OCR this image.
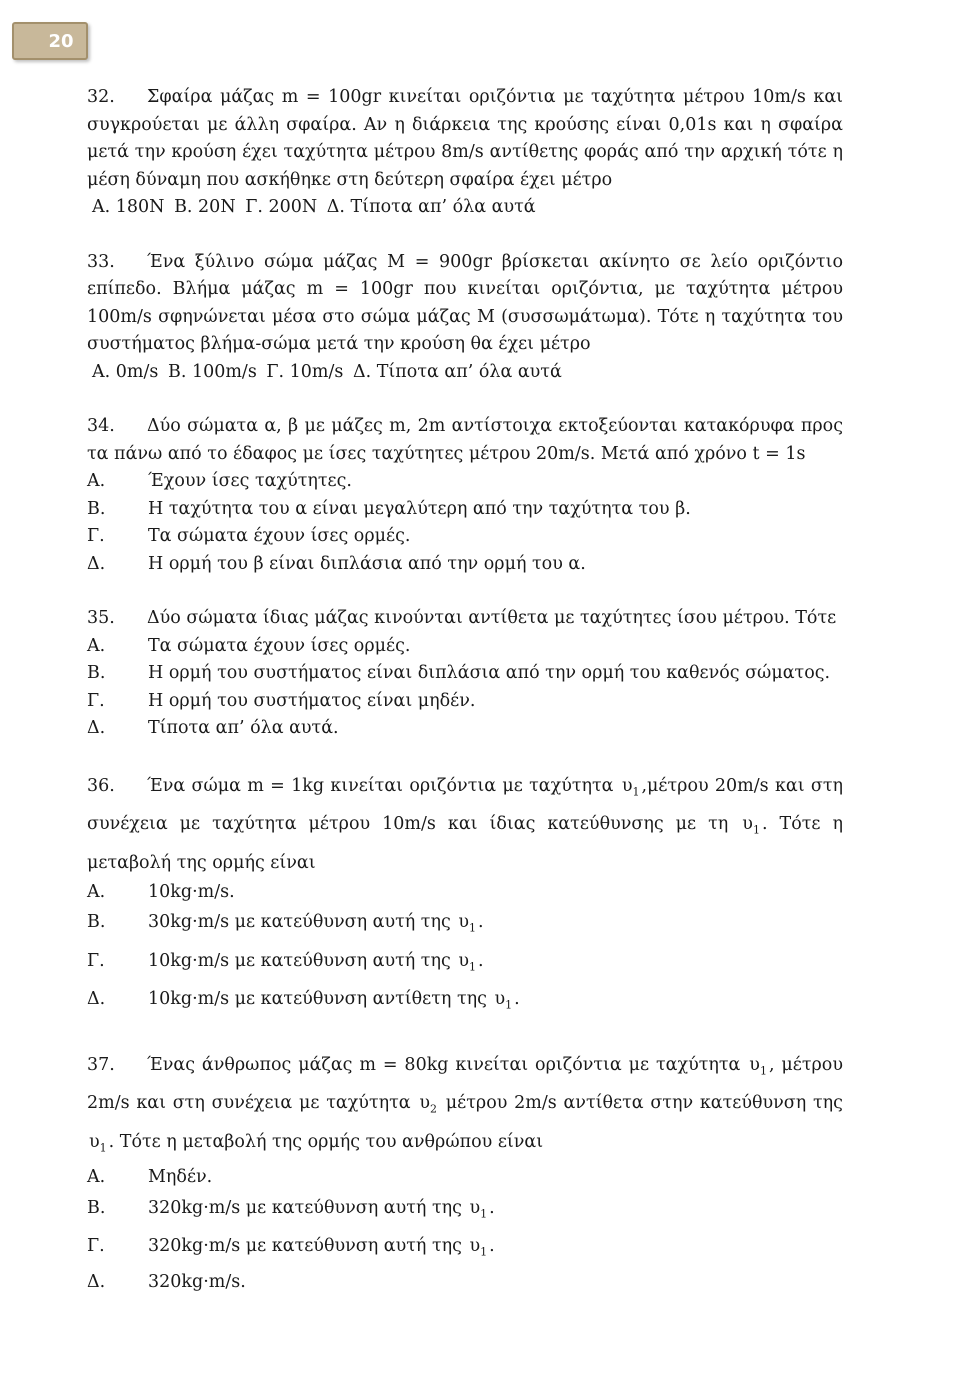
20
32. Σφαίρα μάζας m = 100gr κινείται οριζόντια με ταχύτητα μέτρου 10m/s και συγκρούεται με άλλη σφαίρα. Αν η διάρκεια της κρούσης είναι 0,01s και η σφαίρα μετά την κρούση έχει ταχύτητα μέτρου 8m/s αντίθετης φοράς από την αρχική τότε η μέση δύναμη που ασκήθηκε στη δεύτερη σφαίρα έχει μέτρο
Α. 180N Β. 20N Γ. 200N Δ. Τίποτα απ’ όλα αυτά
33. Ένα ξύλινο σώμα μάζας Μ = 900gr βρίσκεται ακίνητο σε λείο οριζόντιο επίπεδο. Βλήμα μάζας m = 100gr που κινείται οριζόντια, με ταχύτητα μέτρου 100m/s σφηνώνεται μέσα στο σώμα μάζας Μ (συσσωμάτωμα). Τότε η ταχύτητα του συστήματος βλήμα-σώμα μετά την κρούση θα έχει μέτρο
Α. 0m/s Β. 100m/s Γ. 10m/s Δ. Τίποτα απ’ όλα αυτά
34. Δύο σώματα α, β με μάζες m, 2m αντίστοιχα εκτοξεύονται κατακόρυφα προς τα πάνω από το έδαφος με ίσες ταχύτητες μέτρου 20m/s. Μετά από χρόνο t = 1s
Α.	Έχουν ίσες ταχύτητες.
Β.	Η ταχύτητα του α είναι μεγαλύτερη από την ταχύτητα του β.
Γ.	Τα σώματα έχουν ίσες ορμές.
Δ.	Η ορμή του β είναι διπλάσια από την ορμή του α.
35. Δύο σώματα ίδιας μάζας κινούνται αντίθετα με ταχύτητες ίσου μέτρου. Τότε
Α.	Τα σώματα έχουν ίσες ορμές.
Β.	Η ορμή του συστήματος είναι διπλάσια από την ορμή του καθενός σώματος.
Γ.	Η ορμή του συστήματος είναι μηδέν.
Δ.	Τίποτα απ’ όλα αυτά.
36. Ένα σώμα m = 1kg κινείται οριζόντια με ταχύτητα $\upsilon_1$ ,μέτρου 20m/s και στη συνέχεια με ταχύτητα μέτρου 10m/s και ίδιας κατεύθυνσης με τη $\upsilon_1$ . Τότε η μεταβολή της ορμής είναι
Α.	10kg·m/s.
Β.	30kg·m/s με κατεύθυνση αυτή της $\upsilon_1$ .
Γ.	10kg·m/s με κατεύθυνση αυτή της $\upsilon_1$ .
Δ.	10kg·m/s με κατεύθυνση αντίθετη της $\upsilon_1$ .
37. Ένας άνθρωπος μάζας m = 80kg κινείται οριζόντια με ταχύτητα $\upsilon_1$ , μέτρου 2m/s και στη συνέχεια με ταχύτητα $\upsilon_2$ μέτρου 2m/s αντίθετα στην κατεύθυνση της $\upsilon_1$ . Τότε η μεταβολή της ορμής του ανθρώπου είναι
Α.	Μηδέν.
Β.	320kg·m/s με κατεύθυνση αυτή της $\upsilon_1$ .
Γ.	320kg·m/s με κατεύθυνση αυτή της $\upsilon_1$ .
Δ.	320kg·m/s.
